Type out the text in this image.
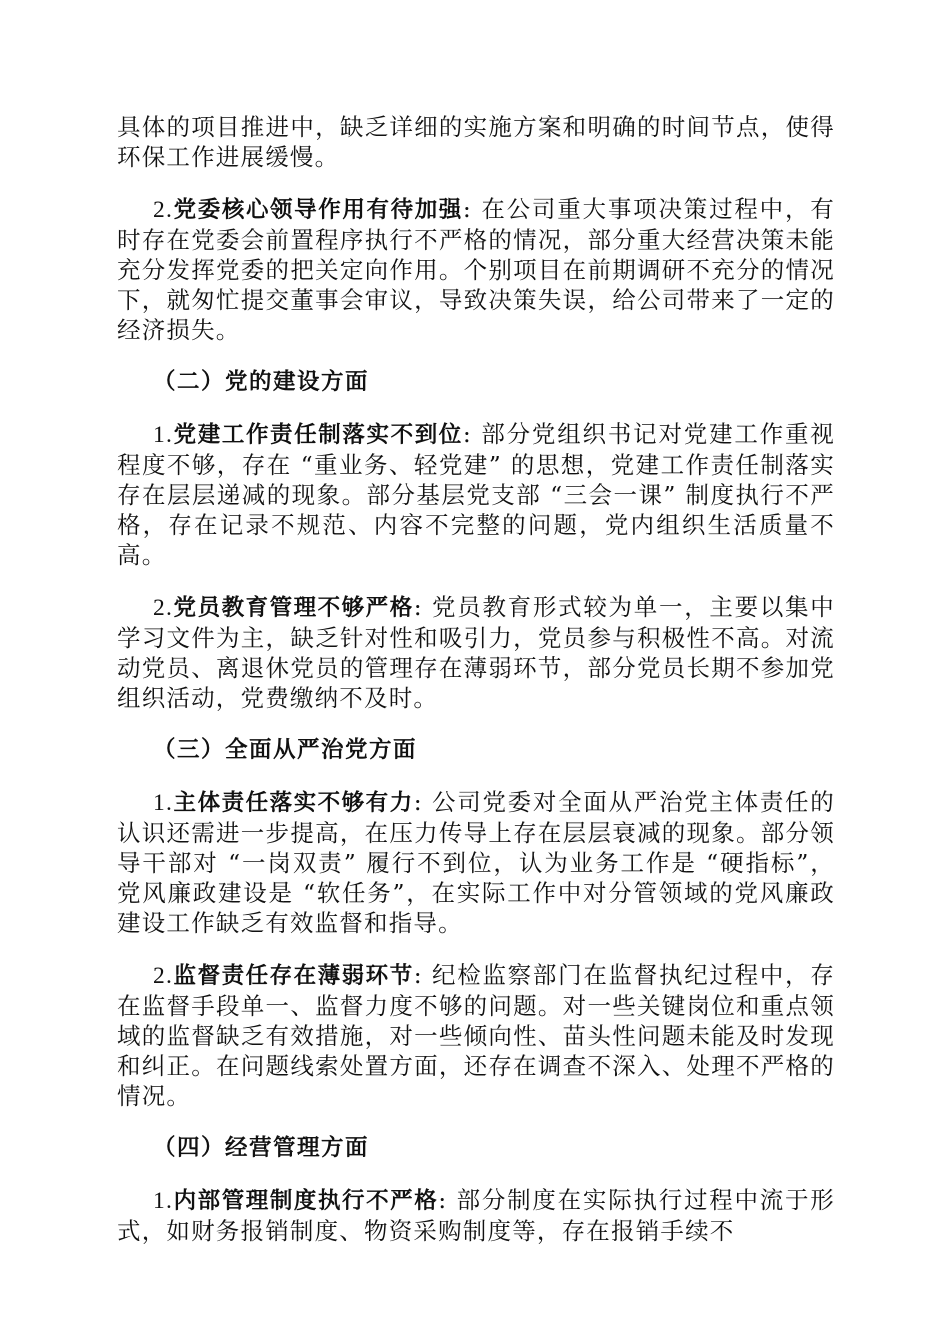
具体的项目推进中，缺乏详细的实施方案和明确的时间节点，使得环保工作进展缓慢。

2.党委核心领导作用有待加强: 在公司重大事项决策过程中，有时存在党委会前置程序执行不严格的情况，部分重大经营决策未能充分发挥党委的把关定向作用。个别项目在前期调研不充分的情况下，就匆忙提交董事会审议，导致决策失误，给公司带来了一定的经济损失。

（二）党的建设方面

1.党建工作责任制落实不到位: 部分党组织书记对党建工作重视程度不够，存在 “重业务、轻党建” 的思想，党建工作责任制落实存在层层递减的现象。部分基层党支部 “三会一课” 制度执行不严格，存在记录不规范、内容不完整的问题，党内组织生活质量不高。

2.党员教育管理不够严格: 党员教育形式较为单一，主要以集中学习文件为主，缺乏针对性和吸引力，党员参与积极性不高。对流动党员、离退休党员的管理存在薄弱环节，部分党员长期不参加党组织活动，党费缴纳不及时。

（三）全面从严治党方面

1.主体责任落实不够有力: 公司党委对全面从严治党主体责任的认识还需进一步提高，在压力传导上存在层层衰减的现象。部分领导干部对 “一岗双责” 履行不到位，认为业务工作是 “硬指标”，党风廉政建设是 “软任务”，在实际工作中对分管领域的党风廉政建设工作缺乏有效监督和指导。

2.监督责任存在薄弱环节: 纪检监察部门在监督执纪过程中，存在监督手段单一、监督力度不够的问题。对一些关键岗位和重点领域的监督缺乏有效措施，对一些倾向性、苗头性问题未能及时发现和纠正。在问题线索处置方面，还存在调查不深入、处理不严格的情况。

（四）经营管理方面

1.内部管理制度执行不严格: 部分制度在实际执行过程中流于形式，如财务报销制度、物资采购制度等，存在报销手续不
